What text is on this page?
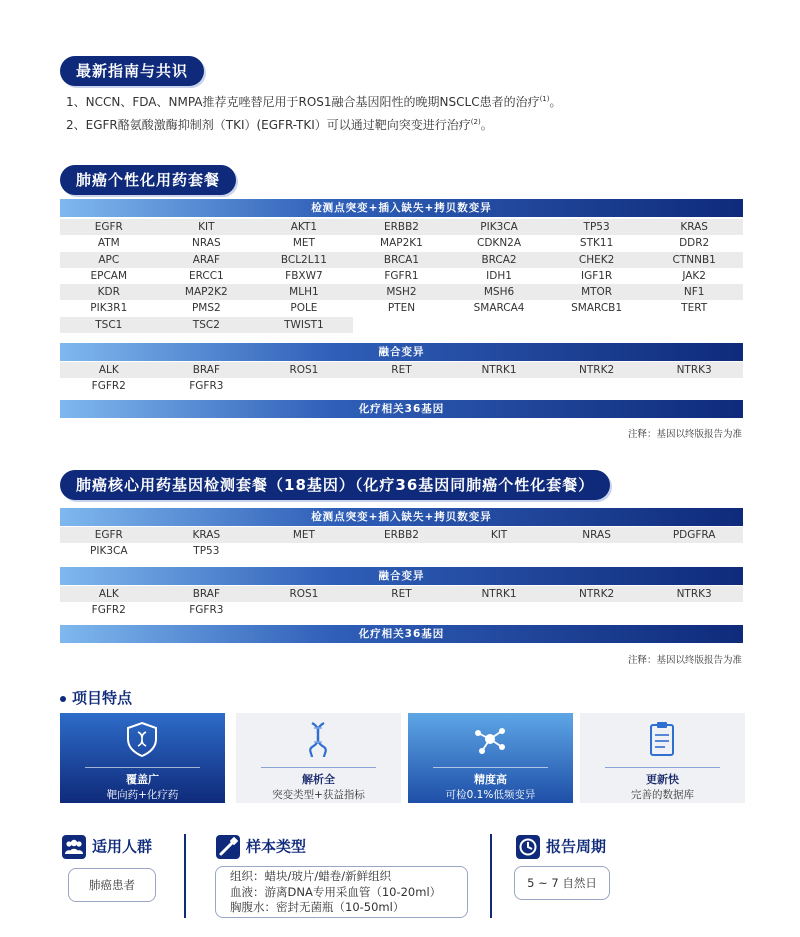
最新指南与共识
1、NCCN、FDA、NMPA推荐克唑替尼用于ROS1融合基因阳性的晚期NSCLC患者的治疗$^{(1)}$。
2、EGFR酪氨酸激酶抑制剂（TKI）(EGFR-TKI）可以通过靶向突变进行治疗$^{(2)}$。
肺癌个性化用药套餐
检测点突变+插入缺失+拷贝数变异
EGFR	KIT	AKT1	ERBB2	PIK3CA	TP53	KRAS
ATM	NRAS	MET	MAP2K1	CDKN2A	STK11	DDR2
APC	ARAF	BCL2L11	BRCA1	BRCA2	CHEK2	CTNNB1
EPCAM	ERCC1	FBXW7	FGFR1	IDH1	IGF1R	JAK2
KDR	MAP2K2	MLH1	MSH2	MSH6	MTOR	NF1
PIK3R1	PMS2	POLE	PTEN	SMARCA4	SMARCB1	TERT
TSC1	TSC2	TWIST1
融合变异
ALK	BRAF	ROS1	RET	NTRK1	NTRK2	NTRK3
FGFR2	FGFR3
化疗相关36基因
注释：基因以终版报告为准
肺癌核心用药基因检测套餐（18基因）（化疗36基因同肺癌个性化套餐）
检测点突变+插入缺失+拷贝数变异
EGFR	KRAS	MET	ERBB2	KIT	NRAS	PDGFRA
PIK3CA	TP53
融合变异
ALK	BRAF	ROS1	RET	NTRK1	NTRK2	NTRK3
FGFR2	FGFR3
化疗相关36基因
注释：基因以终版报告为准
项目特点
覆盖广
靶向药+化疗药
解析全
突变类型+获益指标
精度高
可检0.1%低频变异
更新快
完善的数据库
适用人群
肺癌患者
样本类型
组织：蜡块/玻片/蜡卷/新鲜组织
血液：游离DNA专用采血管（10-20ml）
胸腹水：密封无菌瓶（10-50ml）
报告周期
5 ~ 7 自然日
